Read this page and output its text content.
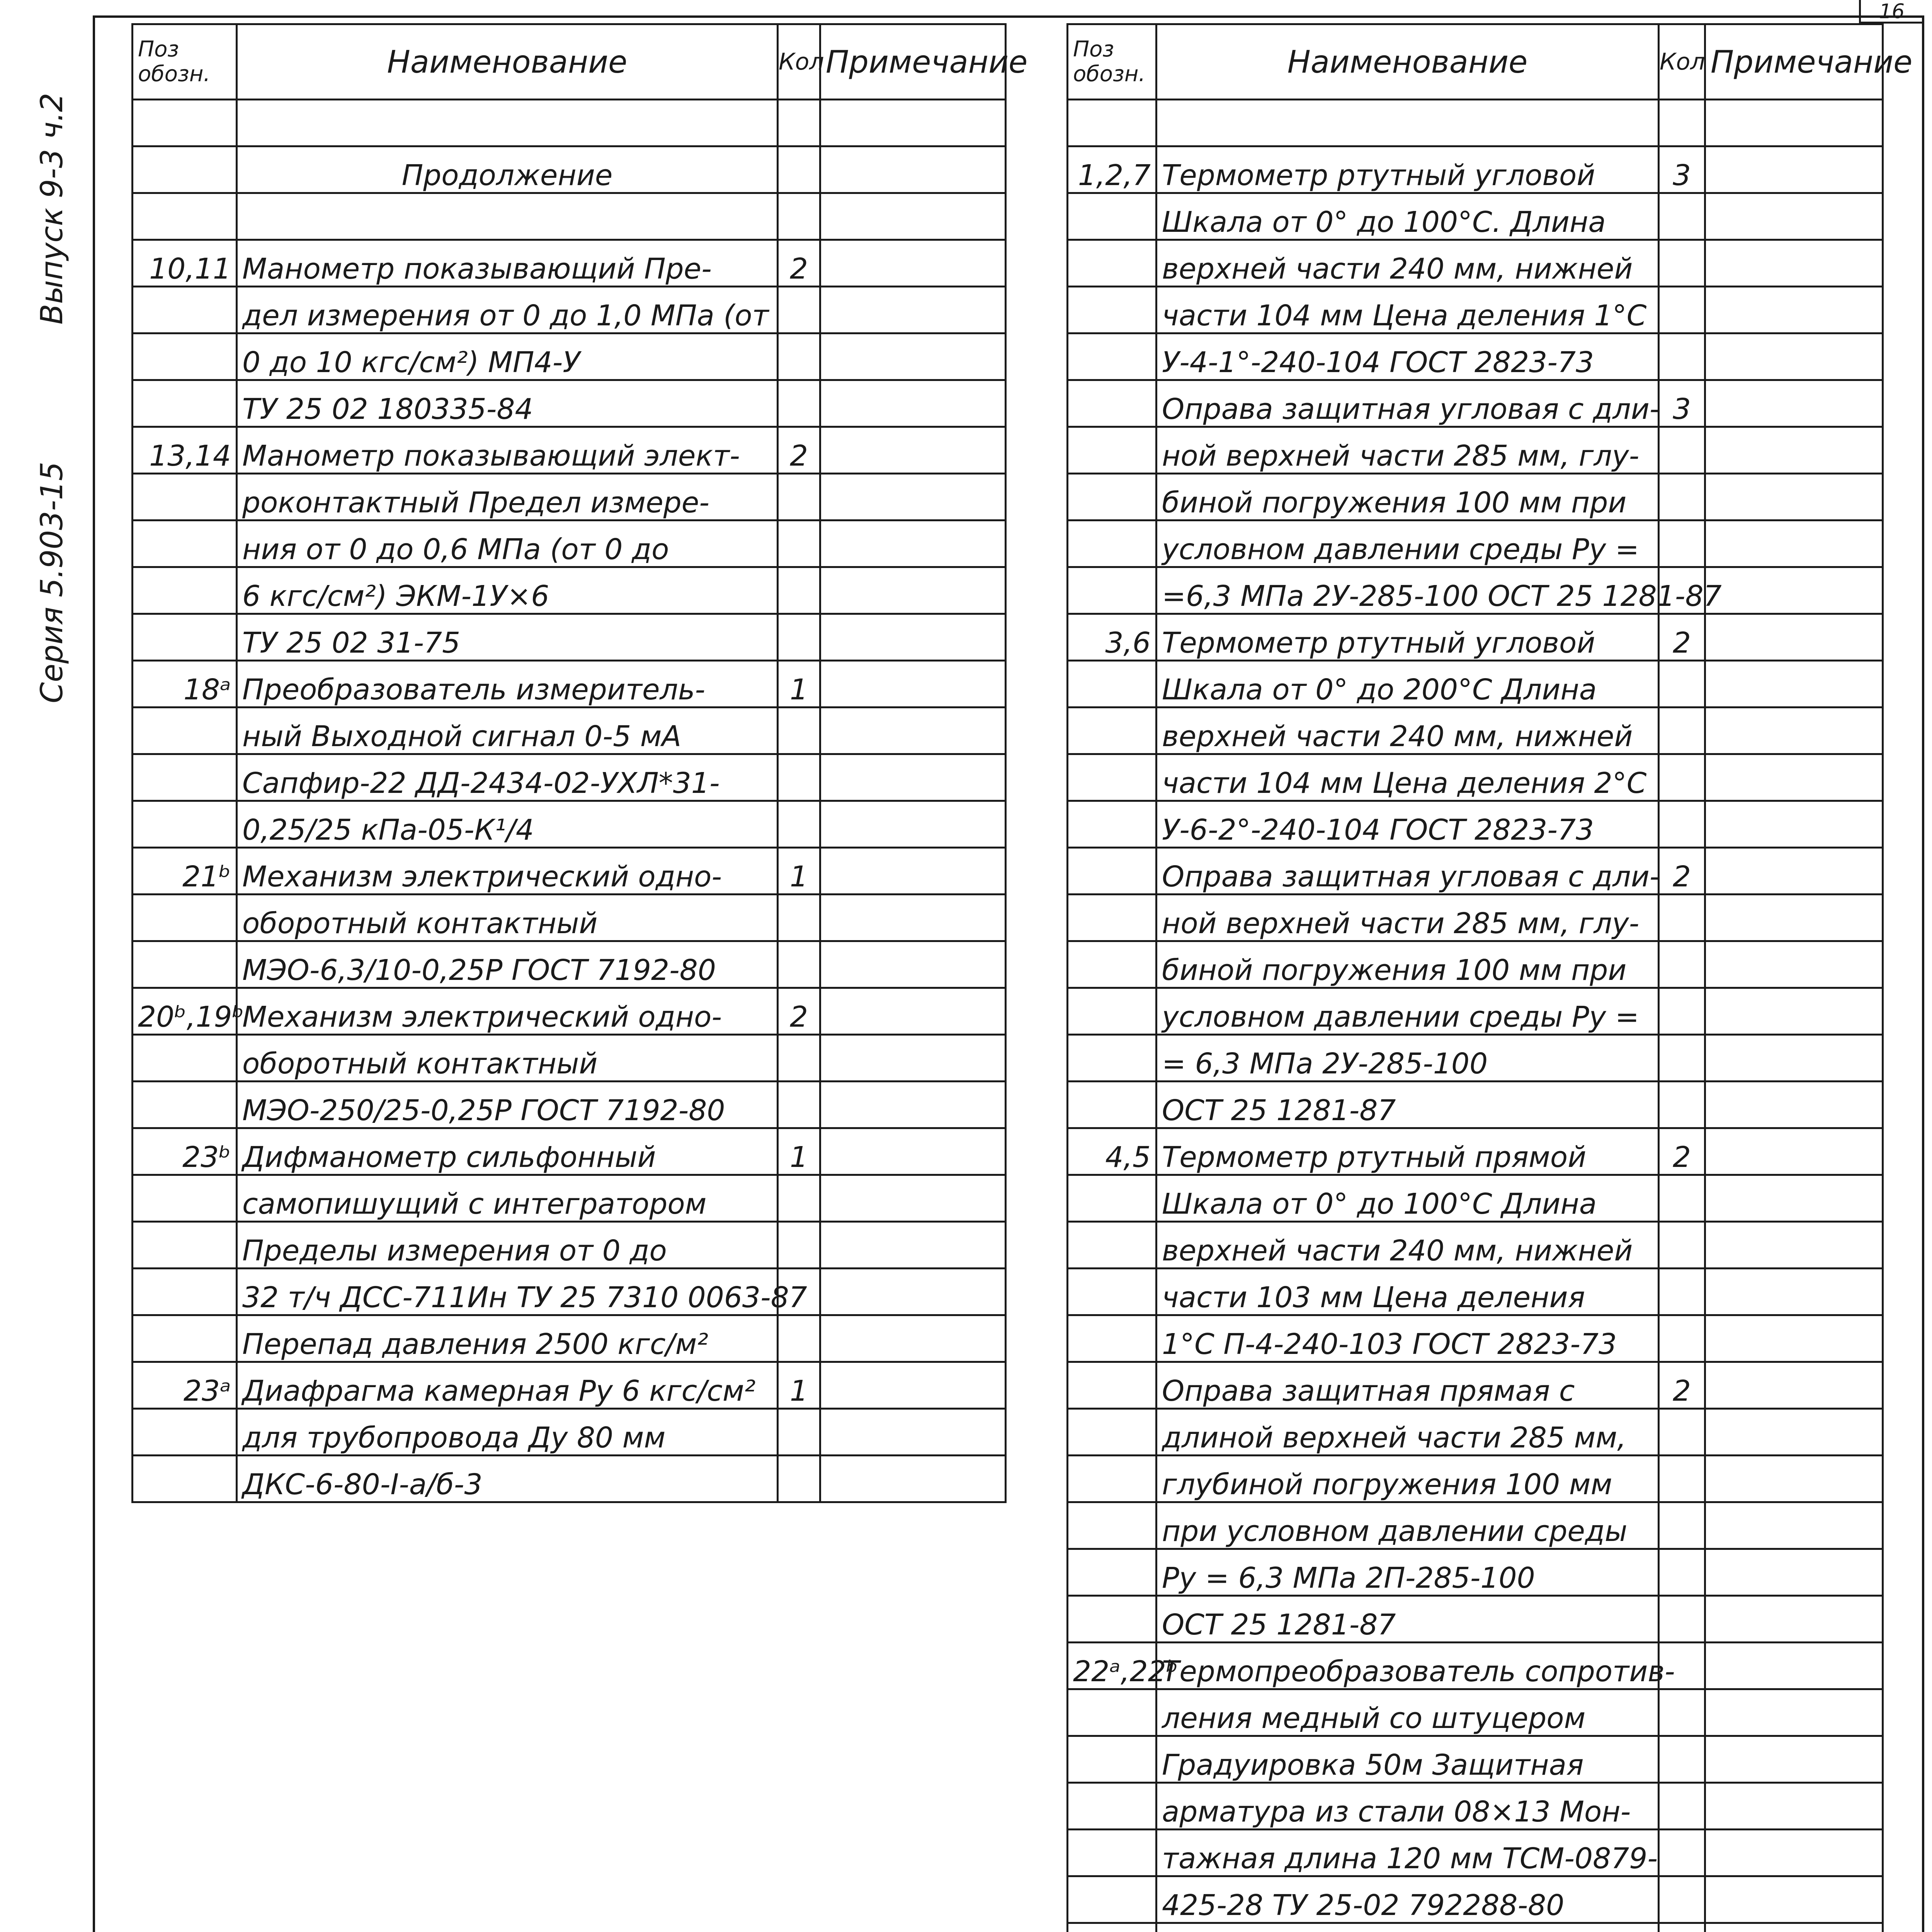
Серия 5.903-15
Выпуск 9-3 ч.2
16
Поз обозн.	Наименование	Кол	Примечание

	Продолжение		

10,11	Манометр показывающий Пре-	2	
	дел измерения от 0 до 1,0 МПа (от		
	0 до 10 кгс/см²) МП4-У		
	ТУ 25 02 180335-84		
13,14	Манометр показывающий элект-	2	
	роконтактный Предел измере-		
	ния от 0 до 0,6 МПа (от 0 до		
	6 кгс/см²) ЭКМ-1У×6		
	ТУ 25 02 31-75		
18ᵃ	Преобразователь измеритель-	1	
	ный Выходной сигнал 0-5 мА		
	Сапфир-22 ДД-2434-02-УХЛ*31-		
	0,25/25 кПа-05-К¹/4		
21ᵇ	Механизм электрический одно-	1	
	оборотный контактный		
	МЭО-6,3/10-0,25Р ГОСТ 7192-80		
20ᵇ,19ᵇ	Механизм электрический одно-	2	
	оборотный контактный		
	МЭО-250/25-0,25Р ГОСТ 7192-80		
23ᵇ	Дифманометр сильфонный	1	
	самопишущий с интегратором		
	Пределы измерения от 0 до		
	32 т/ч ДСС-711Ин ТУ 25 7310 0063-87		
	Перепад давления 2500 кгс/м²		
23ᵃ	Диафрагма камерная Ру 6 кгс/см²	1	
	для трубопровода Ду 80 мм		
	ДКС-6-80-I-а/б-3		
Поз обозн.	Наименование	Кол	Примечание

1,2,7	Термометр ртутный угловой	3	
	Шкала от 0° до 100°С. Длина		
	верхней части 240 мм, нижней		
	части 104 мм Цена деления 1°С		
	У-4-1°-240-104 ГОСТ 2823-73		
	Оправа защитная угловая с дли-	3	
	ной верхней части 285 мм, глу-		
	биной погружения 100 мм при		
	условном давлении среды Ру =		
	=6,3 МПа 2У-285-100 ОСТ 25 1281-87		
3,6	Термометр ртутный угловой	2	
	Шкала от 0° до 200°С Длина		
	верхней части 240 мм, нижней		
	части 104 мм Цена деления 2°С		
	У-6-2°-240-104 ГОСТ 2823-73		
	Оправа защитная угловая с дли-	2	
	ной верхней части 285 мм, глу-		
	биной погружения 100 мм при		
	условном давлении среды Ру =		
	= 6,3 МПа 2У-285-100		
	ОСТ 25 1281-87		
4,5	Термометр ртутный прямой	2	
	Шкала от 0° до 100°С Длина		
	верхней части 240 мм, нижней		
	части 103 мм Цена деления		
	1°С П-4-240-103 ГОСТ 2823-73		
	Оправа защитная прямая с	2	
	длиной верхней части 285 мм,		
	глубиной погружения 100 мм		
	при условном давлении среды		
	Ру = 6,3 МПа 2П-285-100		
	ОСТ 25 1281-87		
22ᵃ,22ᵇ	Термопреобразователь сопротив-		
	ления медный со штуцером		
	Градуировка 50м Защитная		
	арматура из стали 08×13 Мон-		
	тажная длина 120 мм ТСМ-0879-		
	425-28 ТУ 25-02 792288-80		
